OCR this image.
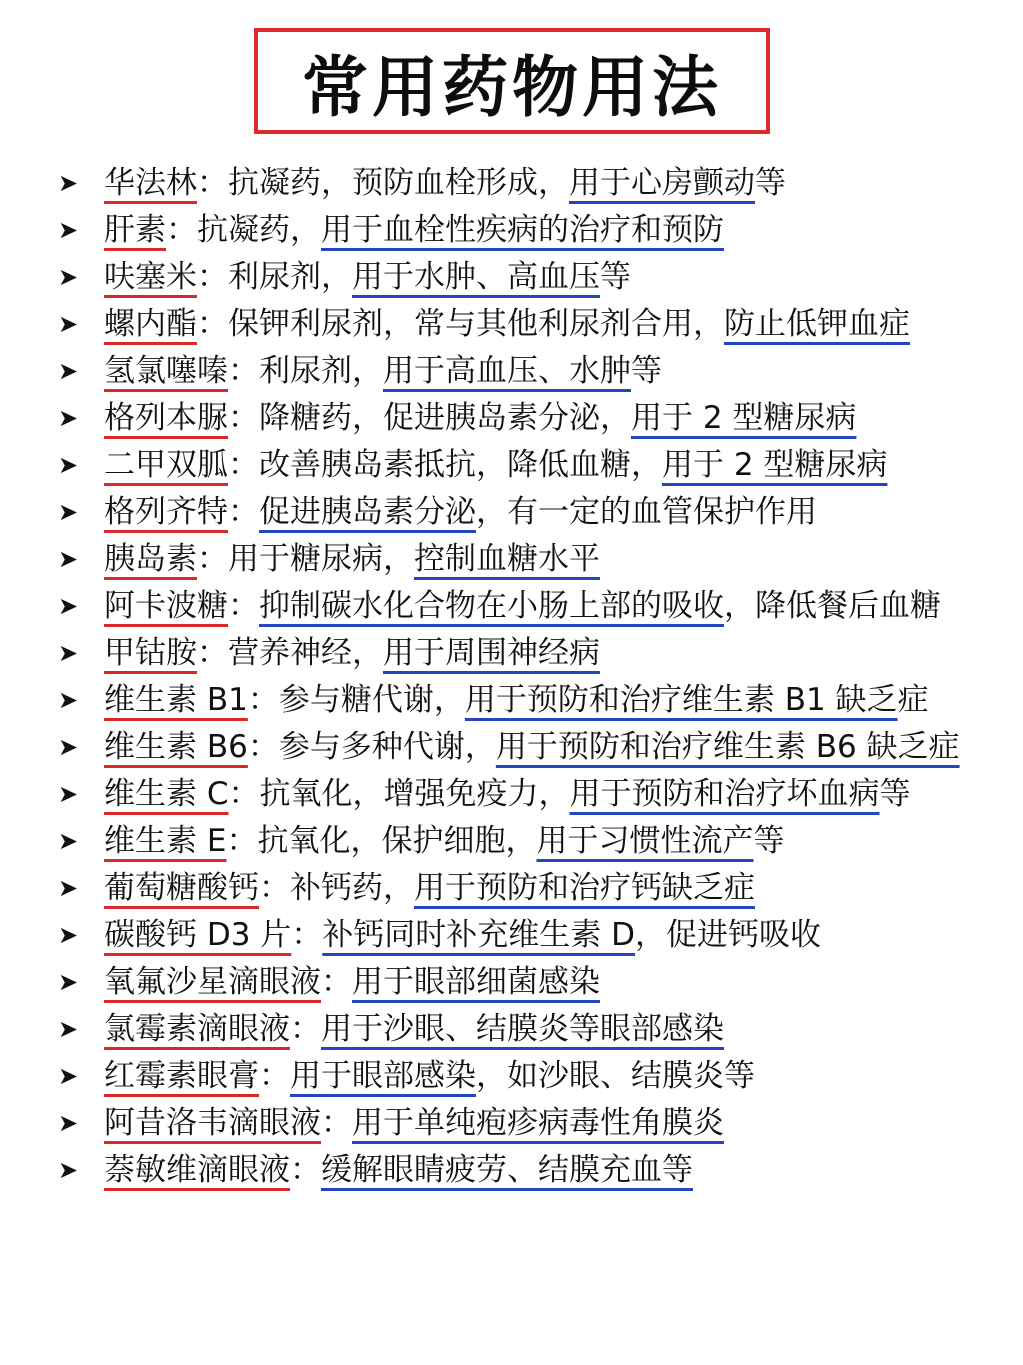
常用药物用法
➤ 华法林：抗凝药，预防血栓形成，用于心房颤动等
➤ 肝素：抗凝药，用于血栓性疾病的治疗和预防
➤ 呋塞米：利尿剂，用于水肿、高血压等
➤ 螺内酯：保钾利尿剂，常与其他利尿剂合用，防止低钾血症
➤ 氢氯噻嗪：利尿剂，用于高血压、水肿等
➤ 格列本脲：降糖药，促进胰岛素分泌，用于 2 型糖尿病
➤ 二甲双胍：改善胰岛素抵抗，降低血糖，用于 2 型糖尿病
➤ 格列齐特：促进胰岛素分泌，有一定的血管保护作用
➤ 胰岛素：用于糖尿病，控制血糖水平
➤ 阿卡波糖：抑制碳水化合物在小肠上部的吸收，降低餐后血糖
➤ 甲钴胺：营养神经，用于周围神经病
➤ 维生素 B1：参与糖代谢，用于预防和治疗维生素 B1 缺乏症
➤ 维生素 B6：参与多种代谢，用于预防和治疗维生素 B6 缺乏症
➤ 维生素 C：抗氧化，增强免疫力，用于预防和治疗坏血病等
➤ 维生素 E：抗氧化，保护细胞，用于习惯性流产等
➤ 葡萄糖酸钙：补钙药，用于预防和治疗钙缺乏症
➤ 碳酸钙 D3 片：补钙同时补充维生素 D，促进钙吸收
➤ 氧氟沙星滴眼液：用于眼部细菌感染
➤ 氯霉素滴眼液：用于沙眼、结膜炎等眼部感染
➤ 红霉素眼膏：用于眼部感染，如沙眼、结膜炎等
➤ 阿昔洛韦滴眼液：用于单纯疱疹病毒性角膜炎
➤ 萘敏维滴眼液：缓解眼睛疲劳、结膜充血等
